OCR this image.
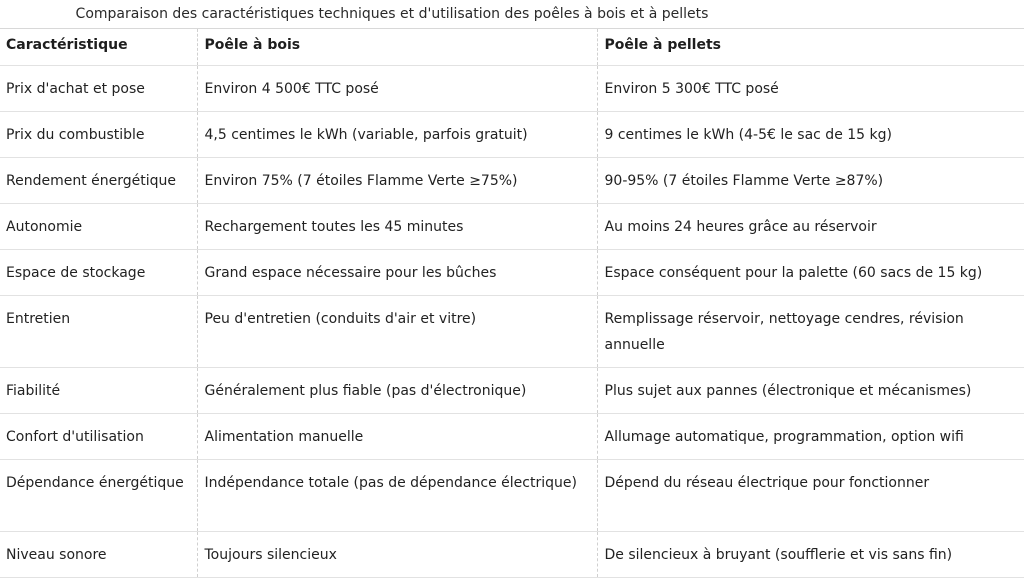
Comparaison des caractéristiques techniques et d'utilisation des poêles à bois et à pellets
Caractéristique	Poêle à bois	Poêle à pellets
Prix d'achat et pose	Environ 4 500€ TTC posé	Environ 5 300€ TTC posé
Prix du combustible	4,5 centimes le kWh (variable, parfois gratuit)	9 centimes le kWh (4-5€ le sac de 15 kg)
Rendement énergétique	Environ 75% (7 étoiles Flamme Verte ≥75%)	90-95% (7 étoiles Flamme Verte ≥87%)
Autonomie	Rechargement toutes les 45 minutes	Au moins 24 heures grâce au réservoir
Espace de stockage	Grand espace nécessaire pour les bûches	Espace conséquent pour la palette (60 sacs de 15 kg)
Entretien	Peu d'entretien (conduits d'air et vitre)	Remplissage réservoir, nettoyage cendres, révision annuelle
Fiabilité	Généralement plus fiable (pas d'électronique)	Plus sujet aux pannes (électronique et mécanismes)
Confort d'utilisation	Alimentation manuelle	Allumage automatique, programmation, option wifi
Dépendance énergétique	Indépendance totale (pas de dépendance électrique)	Dépend du réseau électrique pour fonctionner
Niveau sonore	Toujours silencieux	De silencieux à bruyant (soufflerie et vis sans fin)
